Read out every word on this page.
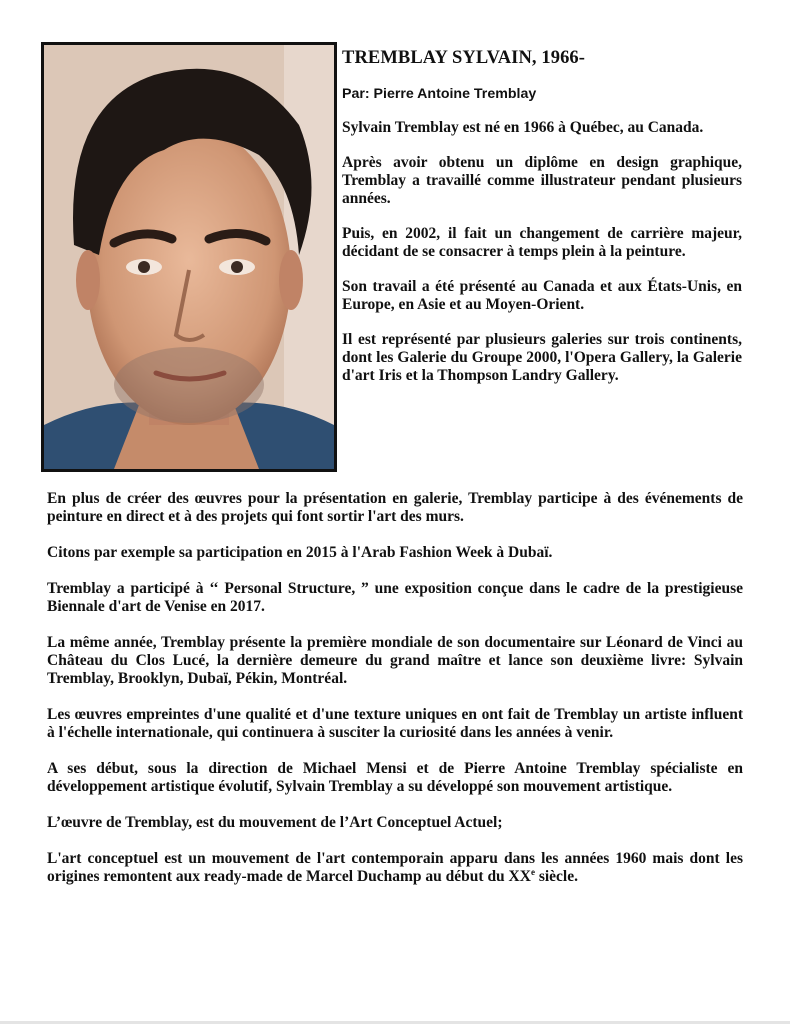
TREMBLAY SYLVAIN, 1966-
Par: Pierre Antoine Tremblay

Sylvain Tremblay est né en 1966 à Québec, au Canada.

Après avoir obtenu un diplôme en design graphique, Tremblay a travaillé comme illustrateur pendant plusieurs années.

Puis, en 2002, il fait un changement de carrière majeur, décidant de se consacrer à temps plein à la peinture.

Son travail a été présenté au Canada et aux États-Unis, en Europe, en Asie et au Moyen-Orient.

Il est représenté par plusieurs galeries sur trois continents, dont les Galerie du Groupe 2000, l'Opera Gallery, la Galerie d'art Iris et la Thompson Landry Gallery.

En plus de créer des œuvres pour la présentation en galerie, Tremblay participe à des événements de peinture en direct et à des projets qui font sortir l'art des murs.

Citons par exemple sa participation en 2015 à l'Arab Fashion Week à Dubaï.

Tremblay a participé à ‘‘ Personal Structure, ” une exposition conçue dans le cadre de la prestigieuse Biennale d'art de Venise en 2017.

La même année, Tremblay présente la première mondiale de son documentaire sur Léonard de Vinci au Château du Clos Lucé, la dernière demeure du grand maître et lance son deuxième livre: Sylvain Tremblay, Brooklyn, Dubaï, Pékin, Montréal.

Les œuvres empreintes d'une qualité et d'une texture uniques en ont fait de Tremblay un artiste influent à l'échelle internationale, qui continuera à susciter la curiosité dans les années à venir.

A ses début, sous la direction de Michael Mensi et de Pierre Antoine Tremblay spécialiste en développement artistique évolutif, Sylvain Tremblay a su développé son mouvement artistique.

L’œuvre de Tremblay, est du mouvement de l’Art Conceptuel Actuel;

L'art conceptuel est un mouvement de l'art contemporain apparu dans les années 1960 mais dont les origines remontent aux ready-made de Marcel Duchamp au début du XXe siècle.
